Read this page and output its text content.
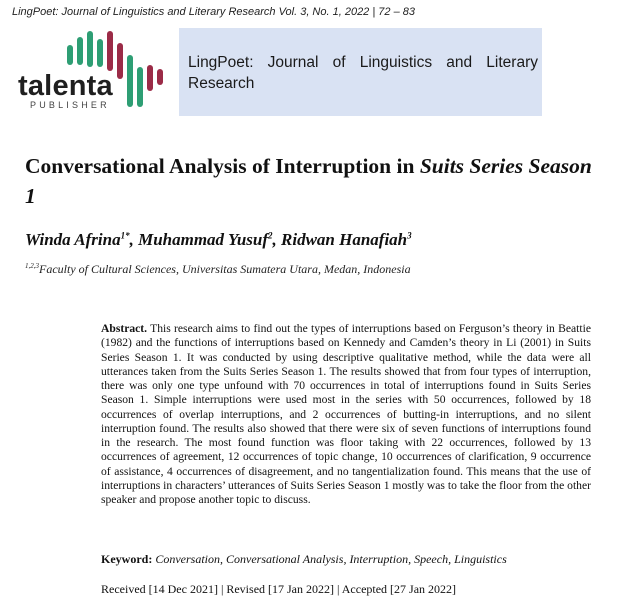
LingPoet: Journal of Linguistics and Literary Research Vol. 3, No. 1, 2022 | 72 – 83
talenta
PUBLISHER
LingPoet: Journal of Linguistics and Literary Research
Conversational Analysis of Interruption in Suits Series Season 1
Winda Afrina$^{1*}$, Muhammad Yusuf$^2$, Ridwan Hanafiah$^3$
$^{1,2,3}$Faculty of Cultural Sciences, Universitas Sumatera Utara, Medan, Indonesia
Abstract. This research aims to find out the types of interruptions based on Ferguson’s theory in Beattie (1982) and the functions of interruptions based on Kennedy and Camden’s theory in Li (2001) in Suits Series Season 1. It was conducted by using descriptive qualitative method, while the data were all utterances taken from the Suits Series Season 1. The results showed that from four types of interruption, there was only one type unfound with 70 occurrences in total of interruptions found in Suits Series Season 1. Simple interruptions were used most in the series with 50 occurrences, followed by 18 occurrences of overlap interruptions, and 2 occurrences of butting-in interruptions, and no silent interruption found. The results also showed that there were six of seven functions of interruptions found in the research. The most found function was floor taking with 22 occurrences, followed by 13 occurrences of agreement, 12 occurrences of topic change, 10 occurrences of clarification, 9 occurrence of assistance, 4 occurrences of disagreement, and no tangentialization found. This means that the use of interruptions in characters’ utterances of Suits Series Season 1 mostly was to take the floor from the other speaker and propose another topic to discuss.
Keyword: Conversation, Conversational Analysis, Interruption, Speech, Linguistics
Received [14 Dec 2021] | Revised [17 Jan 2022] | Accepted [27 Jan 2022]
